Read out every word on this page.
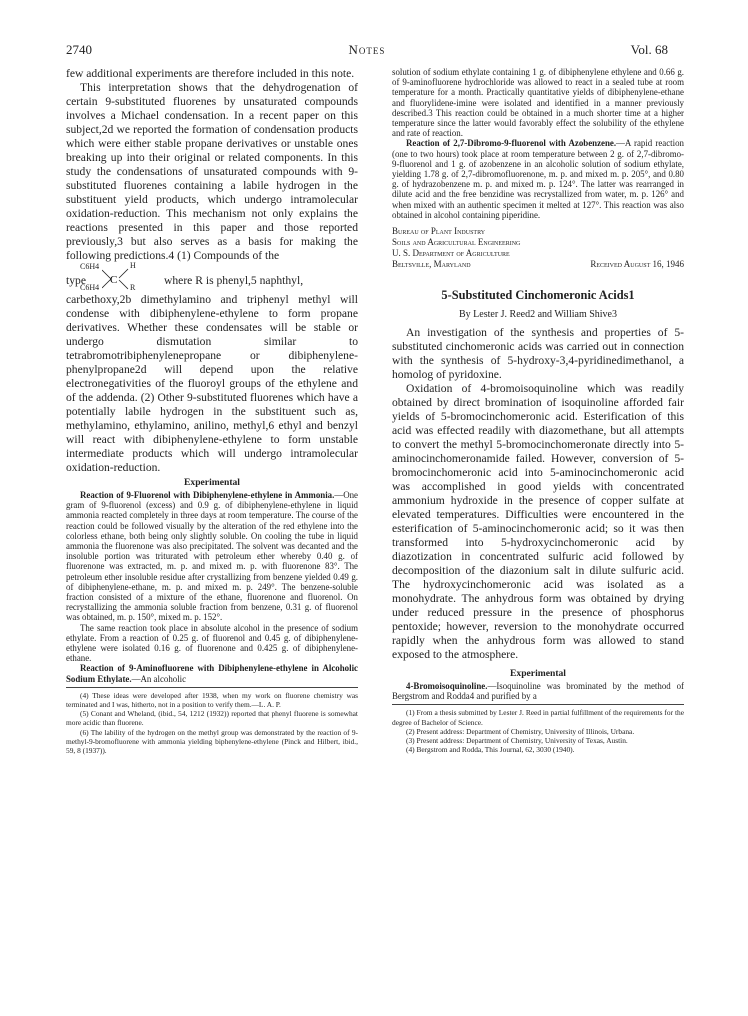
2740	Notes	Vol. 68

few additional experiments are therefore included in this note.

This interpretation shows that the dehydrogenation of certain 9-substituted fluorenes by unsaturated compounds involves a Michael condensation. In a recent paper on this subject,2d we reported the formation of condensation products which were either stable propane derivatives or unstable ones breaking up into their original or related components. In this study the condensations of unsaturated compounds with 9-substituted fluorenes containing a labile hydrogen in the substituent yield products, which undergo intramolecular oxidation-reduction. This mechanism not only explains the reactions presented in this paper and those reported previously,3 but also serves as a basis for making the following predictions.4 (1) Compounds of the

type
C6H4
C6H4
C
H
R
where R is phenyl,5 naphthyl,

carbethoxy,2b dimethylamino and triphenyl methyl will condense with dibiphenylene-ethylene to form propane derivatives. Whether these condensates will be stable or undergo dismutation similar to tetrabromotribiphenylenepropane or dibiphenylene-phenylpropane2d will depend upon the relative electronegativities of the fluoroyl groups of the ethylene and of the addenda. (2) Other 9-substituted fluorenes which have a potentially labile hydrogen in the substituent such as, methylamino, ethylamino, anilino, methyl,6 ethyl and benzyl will react with dibiphenylene-ethylene to form unstable intermediate products which will undergo intramolecular oxidation-reduction.

Experimental

Reaction of 9-Fluorenol with Dibiphenylene-ethylene in Ammonia.—One gram of 9-fluorenol (excess) and 0.9 g. of dibiphenylene-ethylene in liquid ammonia reacted completely in three days at room temperature. The course of the reaction could be followed visually by the alteration of the red ethylene into the colorless ethane, both being only slightly soluble. On cooling the tube in liquid ammonia the fluorenone was also precipitated. The solvent was decanted and the insoluble portion was triturated with petroleum ether whereby 0.40 g. of fluorenone was extracted, m. p. and mixed m. p. with fluorenone 83°. The petroleum ether insoluble residue after crystallizing from benzene yielded 0.49 g. of dibiphenylene-ethane, m. p. and mixed m. p. 249°. The benzene-soluble fraction consisted of a mixture of the ethane, fluorenone and fluorenol. On recrystallizing the ammonia soluble fraction from benzene, 0.31 g. of fluorenol was obtained, m. p. 150°, mixed m. p. 152°.

The same reaction took place in absolute alcohol in the presence of sodium ethylate. From a reaction of 0.25 g. of fluorenol and 0.45 g. of dibiphenylene-ethylene were isolated 0.16 g. of fluorenone and 0.425 g. of dibiphenylene-ethane.

Reaction of 9-Aminofluorene with Dibiphenylene-ethylene in Alcoholic Sodium Ethylate.—An alcoholic

(4) These ideas were developed after 1938, when my work on fluorene chemistry was terminated and I was, hitherto, not in a position to verify them.—L. A. P.

(5) Conant and Wheland, (ibid., 54, 1212 (1932)) reported that phenyl fluorene is somewhat more acidic than fluorene.

(6) The lability of the hydrogen on the methyl group was demonstrated by the reaction of 9-methyl-9-bromofluorene with ammonia yielding biphenylene-ethylene (Pinck and Hilbert, ibid., 59, 8 (1937)).

solution of sodium ethylate containing 1 g. of dibiphenylene ethylene and 0.66 g. of 9-aminofluorene hydrochloride was allowed to react in a sealed tube at room temperature for a month. Practically quantitative yields of dibiphenylene-ethane and fluorylidene-imine were isolated and identified in a manner previously described.3 This reaction could be obtained in a much shorter time at a higher temperature since the latter would favorably effect the solubility of the ethylene and rate of reaction.

Reaction of 2,7-Dibromo-9-fluorenol with Azobenzene.—A rapid reaction (one to two hours) took place at room temperature between 2 g. of 2,7-dibromo-9-fluorenol and 1 g. of azobenzene in an alcoholic solution of sodium ethylate, yielding 1.78 g. of 2,7-dibromofluorenone, m. p. and mixed m. p. 205°, and 0.80 g. of hydrazobenzene m. p. and mixed m. p. 124°. The latter was rearranged in dilute acid and the free benzidine was recrystallized from water, m. p. 126° and when mixed with an authentic specimen it melted at 127°. This reaction was also obtained in alcohol containing piperidine.

Bureau of Plant Industry
Soils and Agricultural Engineering
U. S. Department of Agriculture
Beltsville, Maryland	Received August 16, 1946
5-Substituted Cinchomeronic Acids1
By Lester J. Reed2 and William Shive3

An investigation of the synthesis and properties of 5-substituted cinchomeronic acids was carried out in connection with the synthesis of 5-hydroxy-3,4-pyridinedimethanol, a homolog of pyridoxine.

Oxidation of 4-bromoisoquinoline which was readily obtained by direct bromination of isoquinoline afforded fair yields of 5-bromocinchomeronic acid. Esterification of this acid was effected readily with diazomethane, but all attempts to convert the methyl 5-bromocinchomeronate directly into 5-aminocinchomeronamide failed. However, conversion of 5-bromocinchomeronic acid into 5-aminocinchomeronic acid was accomplished in good yields with concentrated ammonium hydroxide in the presence of copper sulfate at elevated temperatures. Difficulties were encountered in the esterification of 5-aminocinchomeronic acid; so it was then transformed into 5-hydroxycinchomeronic acid by diazotization in concentrated sulfuric acid followed by decomposition of the diazonium salt in dilute sulfuric acid. The hydroxycinchomeronic acid was isolated as a monohydrate. The anhydrous form was obtained by drying under reduced pressure in the presence of phosphorus pentoxide; however, reversion to the monohydrate occurred rapidly when the anhydrous form was allowed to stand exposed to the atmosphere.

Experimental

4-Bromoisoquinoline.—Isoquinoline was brominated by the method of Bergstrom and Rodda4 and purified by a

(1) From a thesis submitted by Lester J. Reed in partial fulfillment of the requirements for the degree of Bachelor of Science.

(2) Present address: Department of Chemistry, University of Illinois, Urbana.

(3) Present address: Department of Chemistry, University of Texas, Austin.

(4) Bergstrom and Rodda, This Journal, 62, 3030 (1940).
